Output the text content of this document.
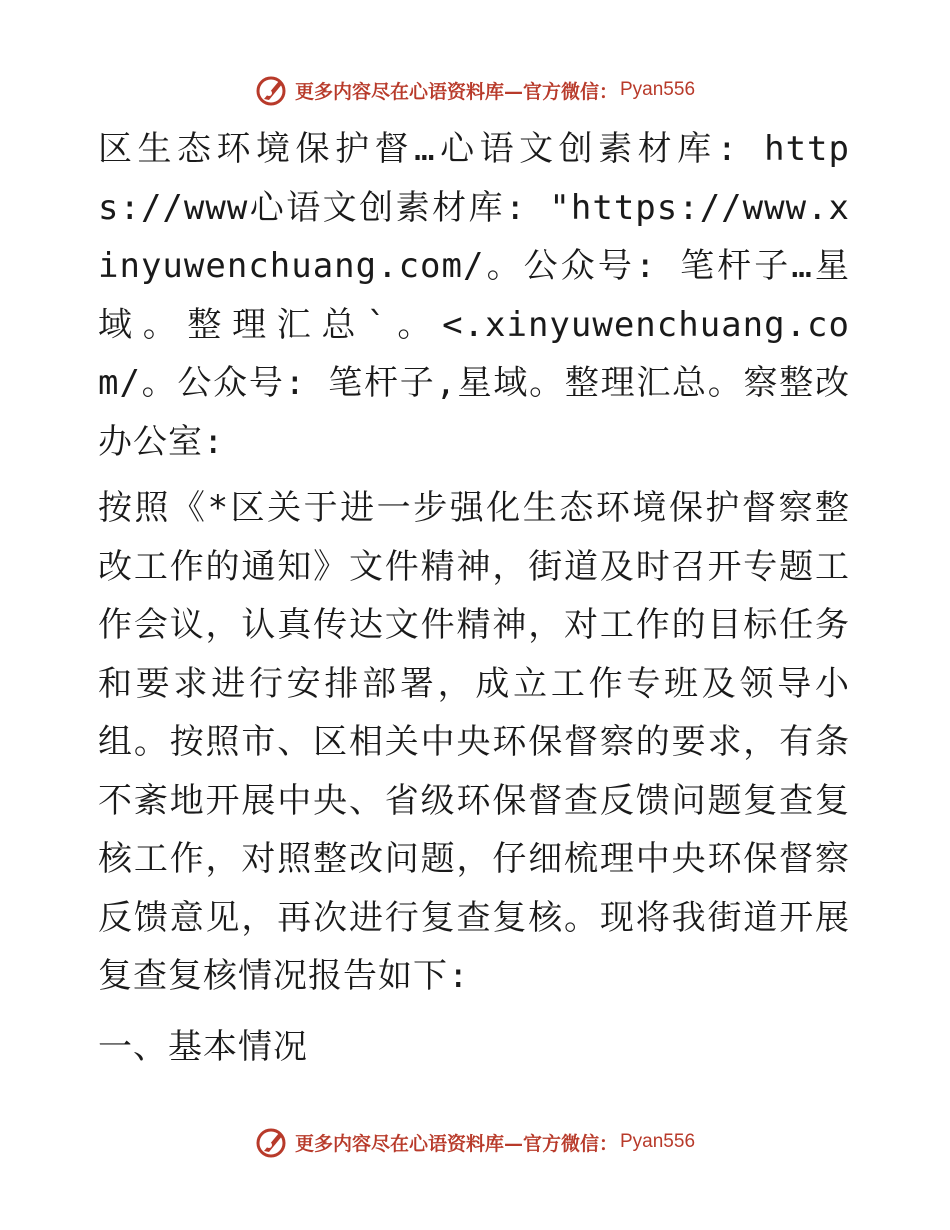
更多内容尽在心语资料库—官方微信： Pyan556

区生态环境保护督…心语文创素材库: https://www心语文创素材库: "https://www.xinyuwenchuang.com/。公众号: 笔杆子…星域。整理汇总`。<.xinyuwenchuang.com/。公众号: 笔杆子,星域。整理汇总。察整改办公室:

按照《*区关于进一步强化生态环境保护督察整改工作的通知》文件精神，街道及时召开专题工作会议，认真传达文件精神，对工作的目标任务和要求进行安排部署，成立工作专班及领导小组。按照市、区相关中央环保督察的要求，有条不紊地开展中央、省级环保督查反馈问题复查复核工作，对照整改问题，仔细梳理中央环保督察反馈意见，再次进行复查复核。现将我街道开展复查复核情况报告如下:

一、基本情况

更多内容尽在心语资料库—官方微信： Pyan556
